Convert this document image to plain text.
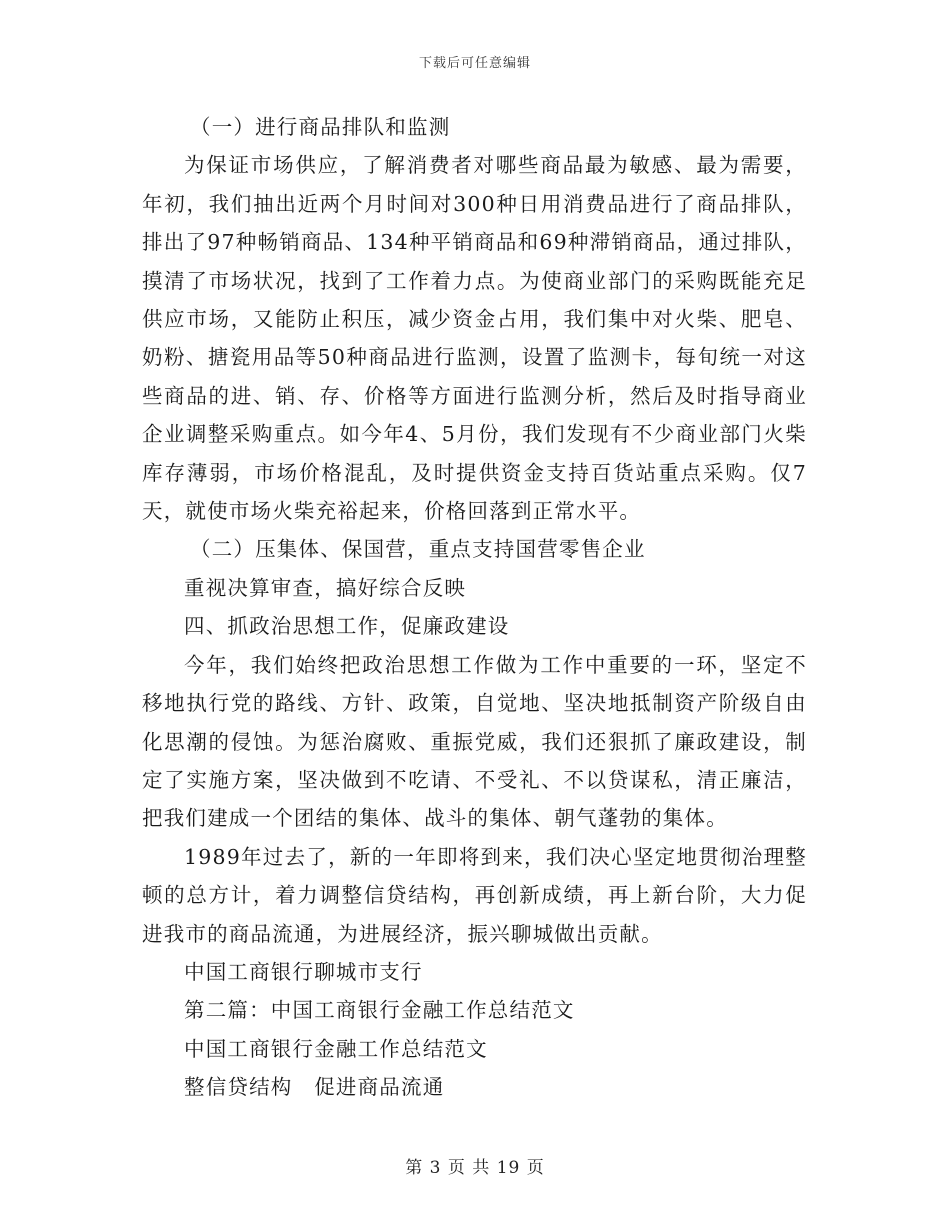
下载后可任意编辑

（一）进行商品排队和监测

为保证市场供应，了解消费者对哪些商品最为敏感、最为需要，年初，我们抽出近两个月时间对300种日用消费品进行了商品排队，排出了97种畅销商品、134种平销商品和69种滞销商品，通过排队，摸清了市场状况，找到了工作着力点。为使商业部门的采购既能充足供应市场，又能防止积压，减少资金占用，我们集中对火柴、肥皂、奶粉、搪瓷用品等50种商品进行监测，设置了监测卡，每旬统一对这些商品的进、销、存、价格等方面进行监测分析，然后及时指导商业企业调整采购重点。如今年4、5月份，我们发现有不少商业部门火柴库存薄弱，市场价格混乱，及时提供资金支持百货站重点采购。仅7天，就使市场火柴充裕起来，价格回落到正常水平。

（二）压集体、保国营，重点支持国营零售企业

重视决算审查，搞好综合反映

四、抓政治思想工作，促廉政建设

今年，我们始终把政治思想工作做为工作中重要的一环，坚定不移地执行党的路线、方针、政策，自觉地、坚决地抵制资产阶级自由化思潮的侵蚀。为惩治腐败、重振党威，我们还狠抓了廉政建设，制定了实施方案，坚决做到不吃请、不受礼、不以贷谋私，清正廉洁，把我们建成一个团结的集体、战斗的集体、朝气蓬勃的集体。

1989年过去了，新的一年即将到来，我们决心坚定地贯彻治理整顿的总方计，着力调整信贷结构，再创新成绩，再上新台阶，大力促进我市的商品流通，为进展经济，振兴聊城做出贡献。

中国工商银行聊城市支行

第二篇：中国工商银行金融工作总结范文

中国工商银行金融工作总结范文

整信贷结构　促进商品流通

第 3 页 共 19 页
